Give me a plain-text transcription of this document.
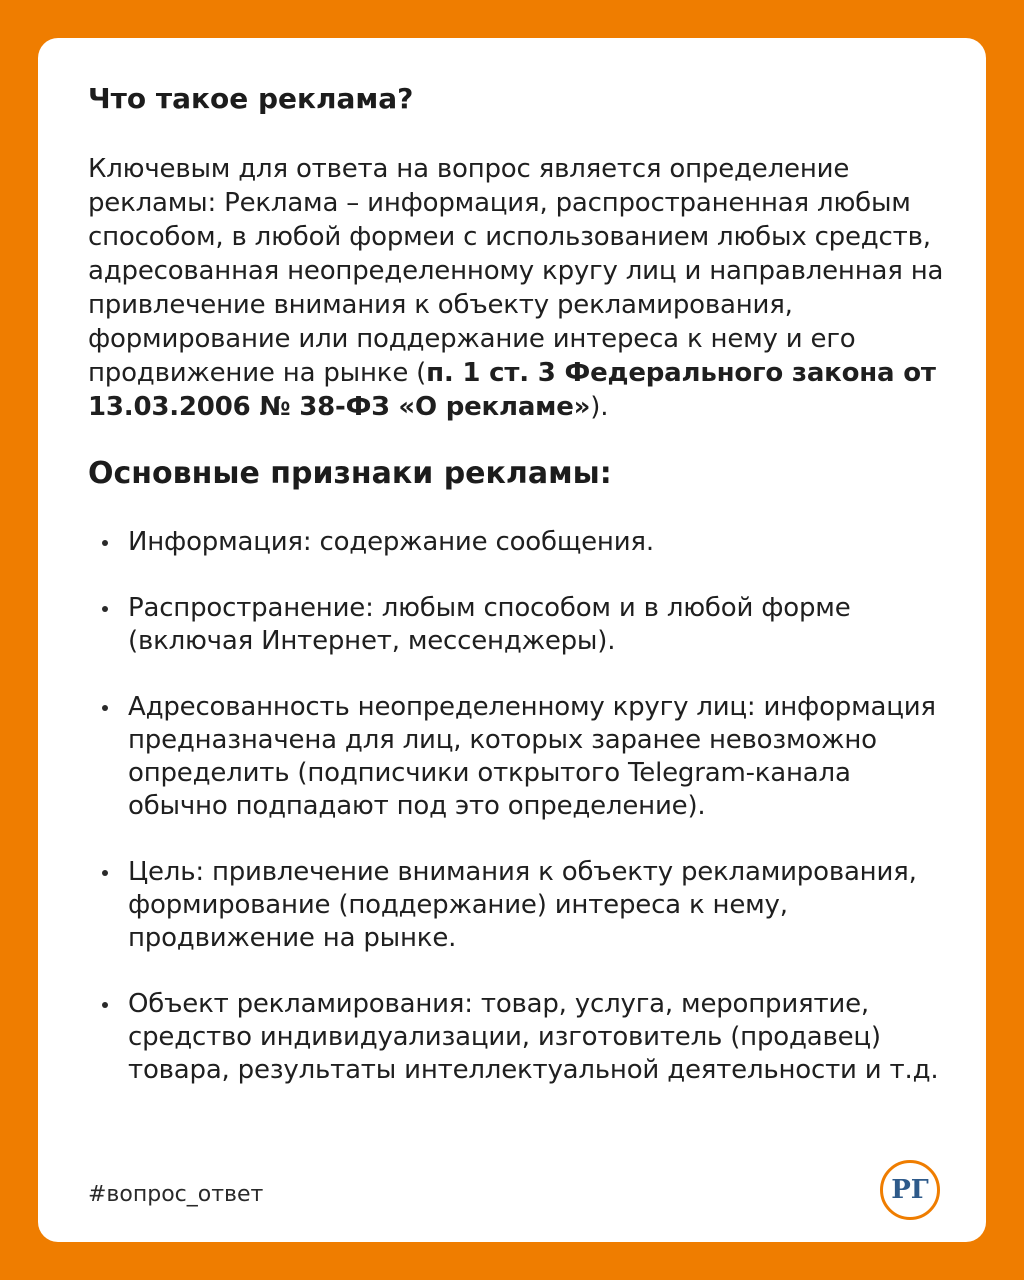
Что такое реклама?

Ключевым для ответа на вопрос является определение рекламы: Реклама – информация, распространенная любым способом, в любой формеи с использованием любых средств, адресованная неопределенному кругу лиц и направленная на привлечение внимания к объекту рекламирования, формирование или поддержание интереса к нему и его продвижение на рынке (п. 1 ст. 3 Федерального закона от 13.03.2006 № 38-ФЗ «О рекламе»).

Основные признаки рекламы:
Информация: содержание сообщения.
Распространение: любым способом и в любой форме (включая Интернет, мессенджеры).
Адресованность неопределенному кругу лиц: информация предназначена для лиц, которых заранее невозможно определить (подписчики открытого Telegram-канала обычно подпадают под это определение).
Цель: привлечение внимания к объекту рекламирования, формирование (поддержание) интереса к нему, продвижение на рынке.
Объект рекламирования: товар, услуга, мероприятие, средство индивидуализации, изготовитель (продавец) товара, результаты интеллектуальной деятельности и т.д.
#вопрос_ответ	РГ
